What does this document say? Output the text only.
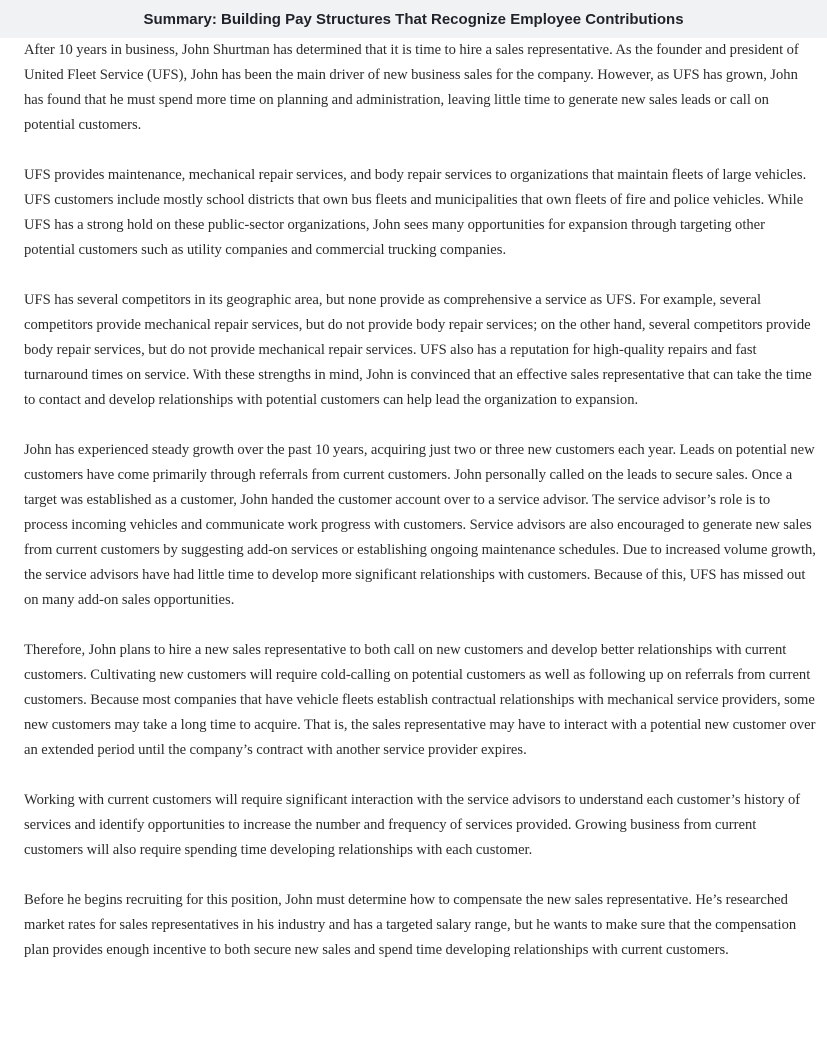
Summary: Building Pay Structures That Recognize Employee Contributions

After 10 years in business, John Shurtman has determined that it is time to hire a sales representative. As the founder and president of United Fleet Service (UFS), John has been the main driver of new business sales for the company. However, as UFS has grown, John has found that he must spend more time on planning and administration, leaving little time to generate new sales leads or call on potential customers.

UFS provides maintenance, mechanical repair services, and body repair services to organizations that maintain fleets of large vehicles. UFS customers include mostly school districts that own bus fleets and municipalities that own fleets of fire and police vehicles. While UFS has a strong hold on these public-sector organizations, John sees many opportunities for expansion through targeting other potential customers such as utility companies and commercial trucking companies.

UFS has several competitors in its geographic area, but none provide as comprehensive a service as UFS. For example, several competitors provide mechanical repair services, but do not provide body repair services; on the other hand, several competitors provide body repair services, but do not provide mechanical repair services. UFS also has a reputation for high-quality repairs and fast turnaround times on service. With these strengths in mind, John is convinced that an effective sales representative that can take the time to contact and develop relationships with potential customers can help lead the organization to expansion.

John has experienced steady growth over the past 10 years, acquiring just two or three new customers each year. Leads on potential new customers have come primarily through referrals from current customers. John personally called on the leads to secure sales. Once a target was established as a customer, John handed the customer account over to a service advisor. The service advisor’s role is to process incoming vehicles and communicate work progress with customers. Service advisors are also encouraged to generate new sales from current customers by suggesting add-on services or establishing ongoing maintenance schedules. Due to increased volume growth, the service advisors have had little time to develop more significant relationships with customers. Because of this, UFS has missed out on many add-on sales opportunities.

Therefore, John plans to hire a new sales representative to both call on new customers and develop better relationships with current customers. Cultivating new customers will require cold-calling on potential customers as well as following up on referrals from current customers. Because most companies that have vehicle fleets establish contractual relationships with mechanical service providers, some new customers may take a long time to acquire. That is, the sales representative may have to interact with a potential new customer over an extended period until the company’s contract with another service provider expires.

Working with current customers will require significant interaction with the service advisors to understand each customer’s history of services and identify opportunities to increase the number and frequency of services provided. Growing business from current customers will also require spending time developing relationships with each customer.

Before he begins recruiting for this position, John must determine how to compensate the new sales representative. He’s researched market rates for sales representatives in his industry and has a targeted salary range, but he wants to make sure that the compensation plan provides enough incentive to both secure new sales and spend time developing relationships with current customers.
